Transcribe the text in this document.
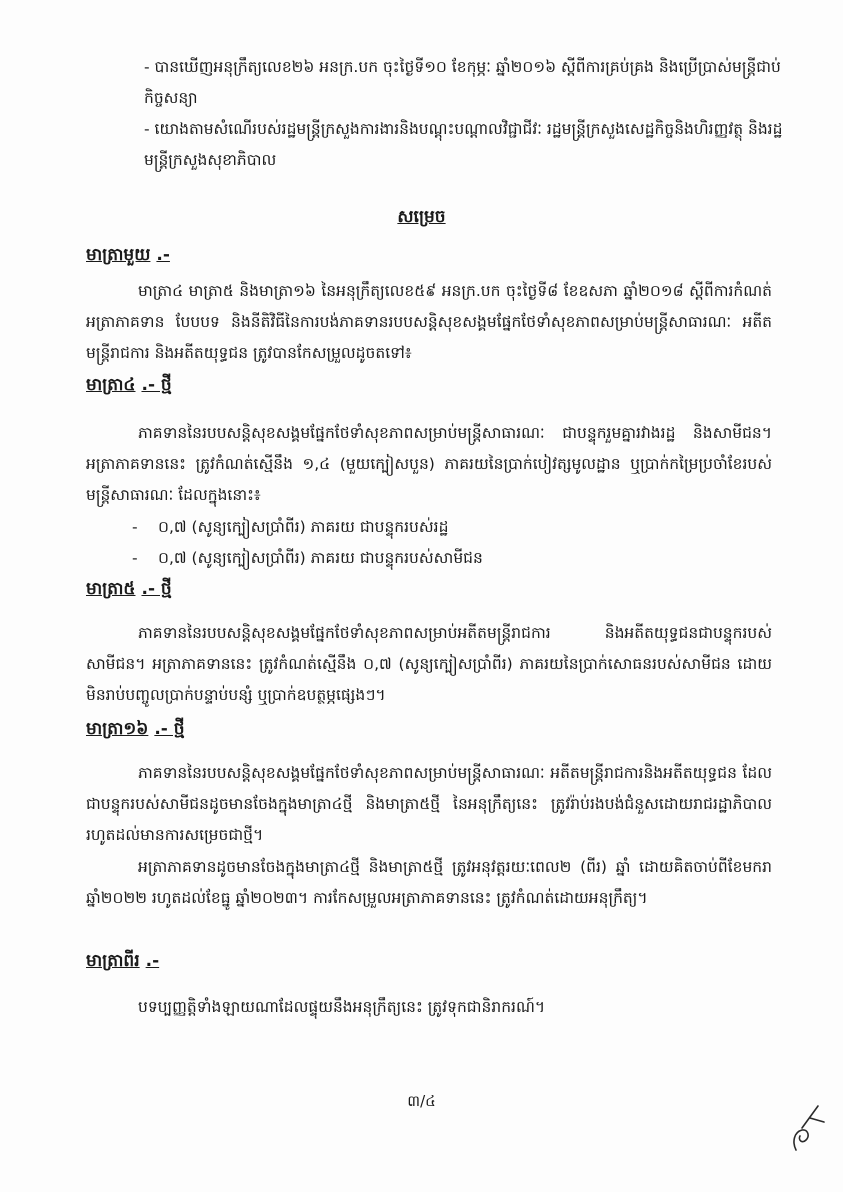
- បានឃើញអនុក្រឹត្យលេខ២៦ អនក្រ.បក ចុះថ្ងៃទី១០ ខែកុម្ភៈ ឆ្នាំ២០១៦ ស្តីពីការគ្រប់គ្រង និងប្រើប្រាស់មន្ត្រីជាប់កិច្ចសន្យា
- យោងតាមសំណើរបស់រដ្ឋមន្ត្រីក្រសួងការងារនិងបណ្តុះបណ្តាលវិជ្ជាជីវៈ រដ្ឋមន្ត្រីក្រសួងសេដ្ឋកិច្ចនិងហិរញ្ញវត្ថុ និងរដ្ឋមន្ត្រីក្រសួងសុខាភិបាល
សម្រេច
មាត្រាមួយ .-
មាត្រា៤ មាត្រា៥ និងមាត្រា១៦ នៃអនុក្រឹត្យលេខ៥៩ អនក្រ.បក ចុះថ្ងៃទី៨ ខែឧសភា ឆ្នាំ២០១៨ ស្តីពីការកំណត់អត្រាភាគទាន បែបបទ និងនីតិវិធីនៃការបង់ភាគទានរបបសន្តិសុខសង្គមផ្នែកថែទាំសុខភាពសម្រាប់មន្ត្រីសាធារណៈ អតីតមន្ត្រីរាជការ និងអតីតយុទ្ធជន ត្រូវបានកែសម្រួលដូចតទៅ៖
មាត្រា៤ .- ថ្មី
ភាគទាននៃរបបសន្តិសុខសង្គមផ្នែកថែទាំសុខភាពសម្រាប់មន្ត្រីសាធារណៈ ជាបន្ទុករួមគ្នារវាងរដ្ឋ និងសាមីជន។ អត្រាភាគទាននេះ ត្រូវកំណត់ស្មើនឹង ១,៤ (មួយក្បៀសបួន) ភាគរយនៃប្រាក់បៀវត្សមូលដ្ឋាន ឬប្រាក់កម្រៃប្រចាំខែរបស់មន្ត្រីសាធារណៈ ដែលក្នុងនោះ៖
- ០,៧ (សូន្យក្បៀសប្រាំពីរ) ភាគរយ ជាបន្ទុករបស់រដ្ឋ
- ០,៧ (សូន្យក្បៀសប្រាំពីរ) ភាគរយ ជាបន្ទុករបស់សាមីជន
មាត្រា៥ .- ថ្មី
ភាគទាននៃរបបសន្តិសុខសង្គមផ្នែកថែទាំសុខភាពសម្រាប់អតីតមន្ត្រីរាជការ និងអតីតយុទ្ធជនជាបន្ទុករបស់សាមីជន។ អត្រាភាគទាននេះ ត្រូវកំណត់ស្មើនឹង ០,៧ (សូន្យក្បៀសប្រាំពីរ) ភាគរយនៃប្រាក់សោធនរបស់សាមីជន ដោយមិនរាប់បញ្ចូលប្រាក់បន្ទាប់បន្សំ ឬប្រាក់ឧបត្ថម្ភផ្សេងៗ។
មាត្រា១៦ .- ថ្មី
ភាគទាននៃរបបសន្តិសុខសង្គមផ្នែកថែទាំសុខភាពសម្រាប់មន្ត្រីសាធារណៈ អតីតមន្ត្រីរាជការនិងអតីតយុទ្ធជន ដែលជាបន្ទុករបស់សាមីជនដូចមានចែងក្នុងមាត្រា៤ថ្មី និងមាត្រា៥ថ្មី នៃអនុក្រឹត្យនេះ ត្រូវរ៉ាប់រងបង់ជំនួសដោយរាជរដ្ឋាភិបាល រហូតដល់មានការសម្រេចជាថ្មី។
អត្រាភាគទានដូចមានចែងក្នុងមាត្រា៤ថ្មី និងមាត្រា៥ថ្មី ត្រូវអនុវត្តរយៈពេល២ (ពីរ) ឆ្នាំ ដោយគិតចាប់ពីខែមករា ឆ្នាំ២០២២ រហូតដល់ខែធ្នូ ឆ្នាំ២០២៣។ ការកែសម្រួលអត្រាភាគទាននេះ ត្រូវកំណត់ដោយអនុក្រឹត្យ។
មាត្រាពីរ .-
បទប្បញ្ញត្តិទាំងឡាយណាដែលផ្ទុយនឹងអនុក្រឹត្យនេះ ត្រូវទុកជានិរាករណ៍។
៣/៤
